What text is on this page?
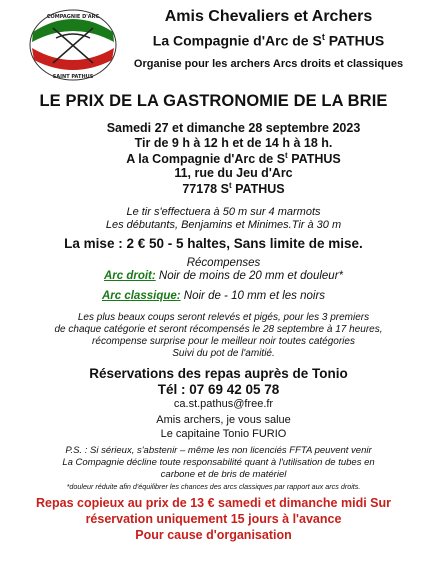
COMPAGNIE D'ARC
SAINT PATHUS
Amis Chevaliers et Archers
La Compagnie d'Arc de $S^t$ PATHUS
Organise pour les archers Arcs droits et classiques
LE PRIX DE LA GASTRONOMIE DE LA BRIE
Samedi 27 et dimanche 28 septembre 2023
Tir de 9 h à 12 h et de 14 h à 18 h.
A la Compagnie d'Arc de $S^t$ PATHUS
11, rue du Jeu d'Arc
77178 $S^t$ PATHUS
Le tir s'effectuera à 50 m sur 4 marmots
Les débutants, Benjamins et Minimes.Tir à 30 m
La mise : 2 € 50 - 5 haltes, Sans limite de mise.
Récompenses
Arc droit: Noir de moins de 20 mm et douleur*
Arc classique: Noir de - 10 mm et les noirs
Les plus beaux coups seront relevés et pigés, pour les 3 premiers
de chaque catégorie et seront récompensés le 28 septembre à 17 heures,
récompense surprise pour le meilleur noir toutes catégories
Suivi du pot de l'amitié.
Réservations des repas auprès de Tonio
Tél : 07 69 42 05 78
ca.st.pathus@free.fr
Amis archers, je vous salue
Le capitaine Tonio FURIO
P.S. : Si sérieux, s'abstenir – même les non licenciés FFTA peuvent venir
La Compagnie décline toute responsabilité quant à l'utilisation de tubes en
carbone et de bris de matériel
*douleur réduite afin d'équilibrer les chances des arcs classiques par rapport aux arcs droits.
Repas copieux au prix de 13 € samedi et dimanche midi Sur
réservation uniquement 15 jours à l'avance
Pour cause d'organisation
